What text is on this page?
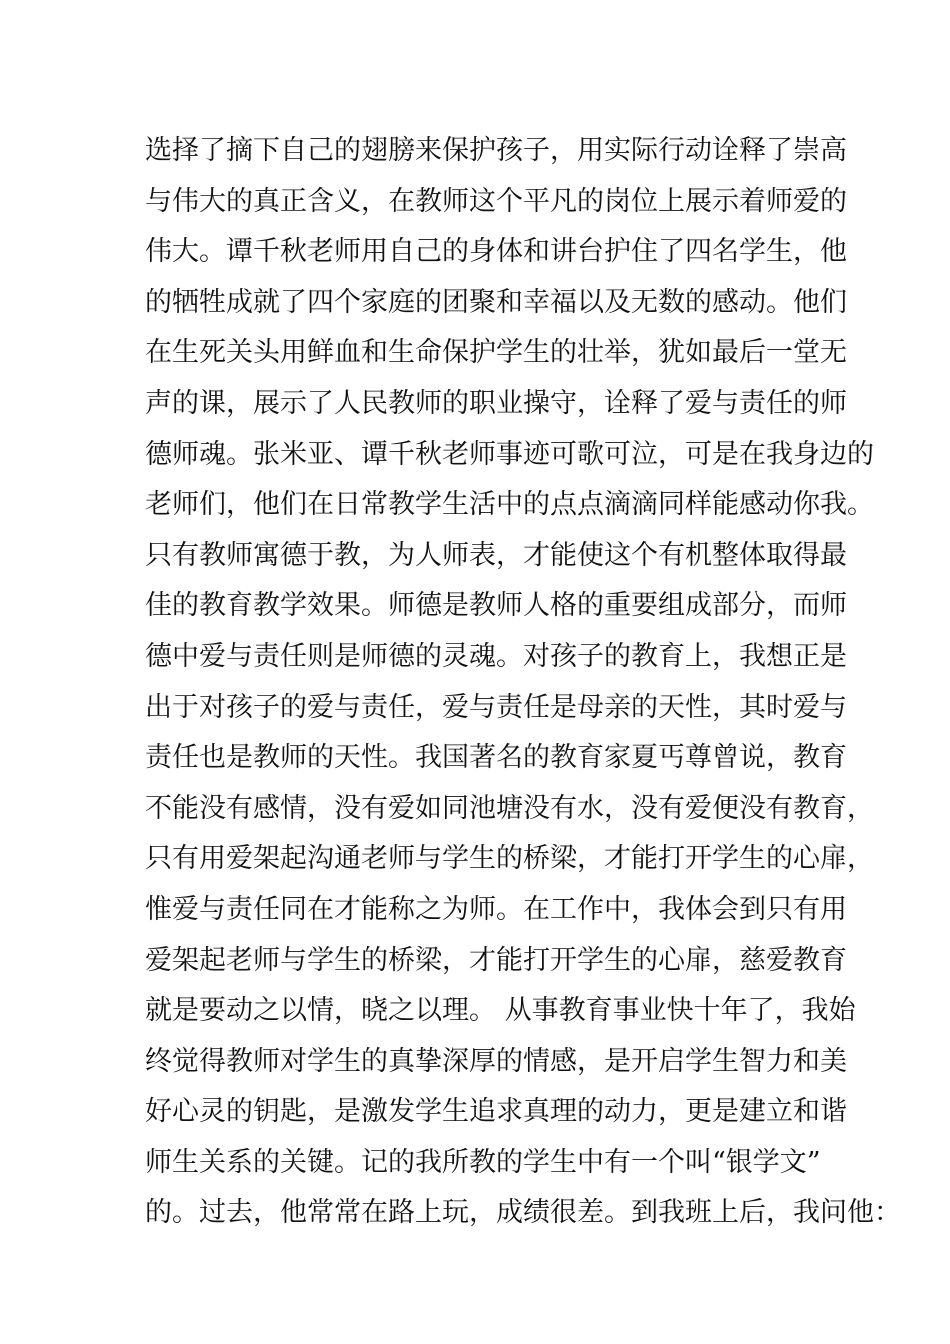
选择了摘下自己的翅膀来保护孩子，用实际行动诠释了崇高
与伟大的真正含义，在教师这个平凡的岗位上展示着师爱的
伟大。谭千秋老师用自己的身体和讲台护住了四名学生，他
的牺牲成就了四个家庭的团聚和幸福以及无数的感动。他们
在生死关头用鲜血和生命保护学生的壮举，犹如最后一堂无
声的课，展示了人民教师的职业操守，诠释了爱与责任的师
德师魂。张米亚、谭千秋老师事迹可歌可泣，可是在我身边的
老师们，他们在日常教学生活中的点点滴滴同样能感动你我。
只有教师寓德于教，为人师表，才能使这个有机整体取得最
佳的教育教学效果。师德是教师人格的重要组成部分，而师
德中爱与责任则是师德的灵魂。对孩子的教育上，我想正是
出于对孩子的爱与责任，爱与责任是母亲的天性，其时爱与
责任也是教师的天性。我国著名的教育家夏丐尊曾说，教育
不能没有感情，没有爱如同池塘没有水，没有爱便没有教育，
只有用爱架起沟通老师与学生的桥梁，才能打开学生的心扉，
惟爱与责任同在才能称之为师。在工作中，我体会到只有用
爱架起老师与学生的桥梁，才能打开学生的心扉，慈爱教育
就是要动之以情，晓之以理。 从事教育事业快十年了，我始
终觉得教师对学生的真挚深厚的情感，是开启学生智力和美
好心灵的钥匙，是激发学生追求真理的动力，更是建立和谐
师生关系的关键。记的我所教的学生中有一个叫“银学文”
的。过去，他常常在路上玩，成绩很差。到我班上后，我问他：
